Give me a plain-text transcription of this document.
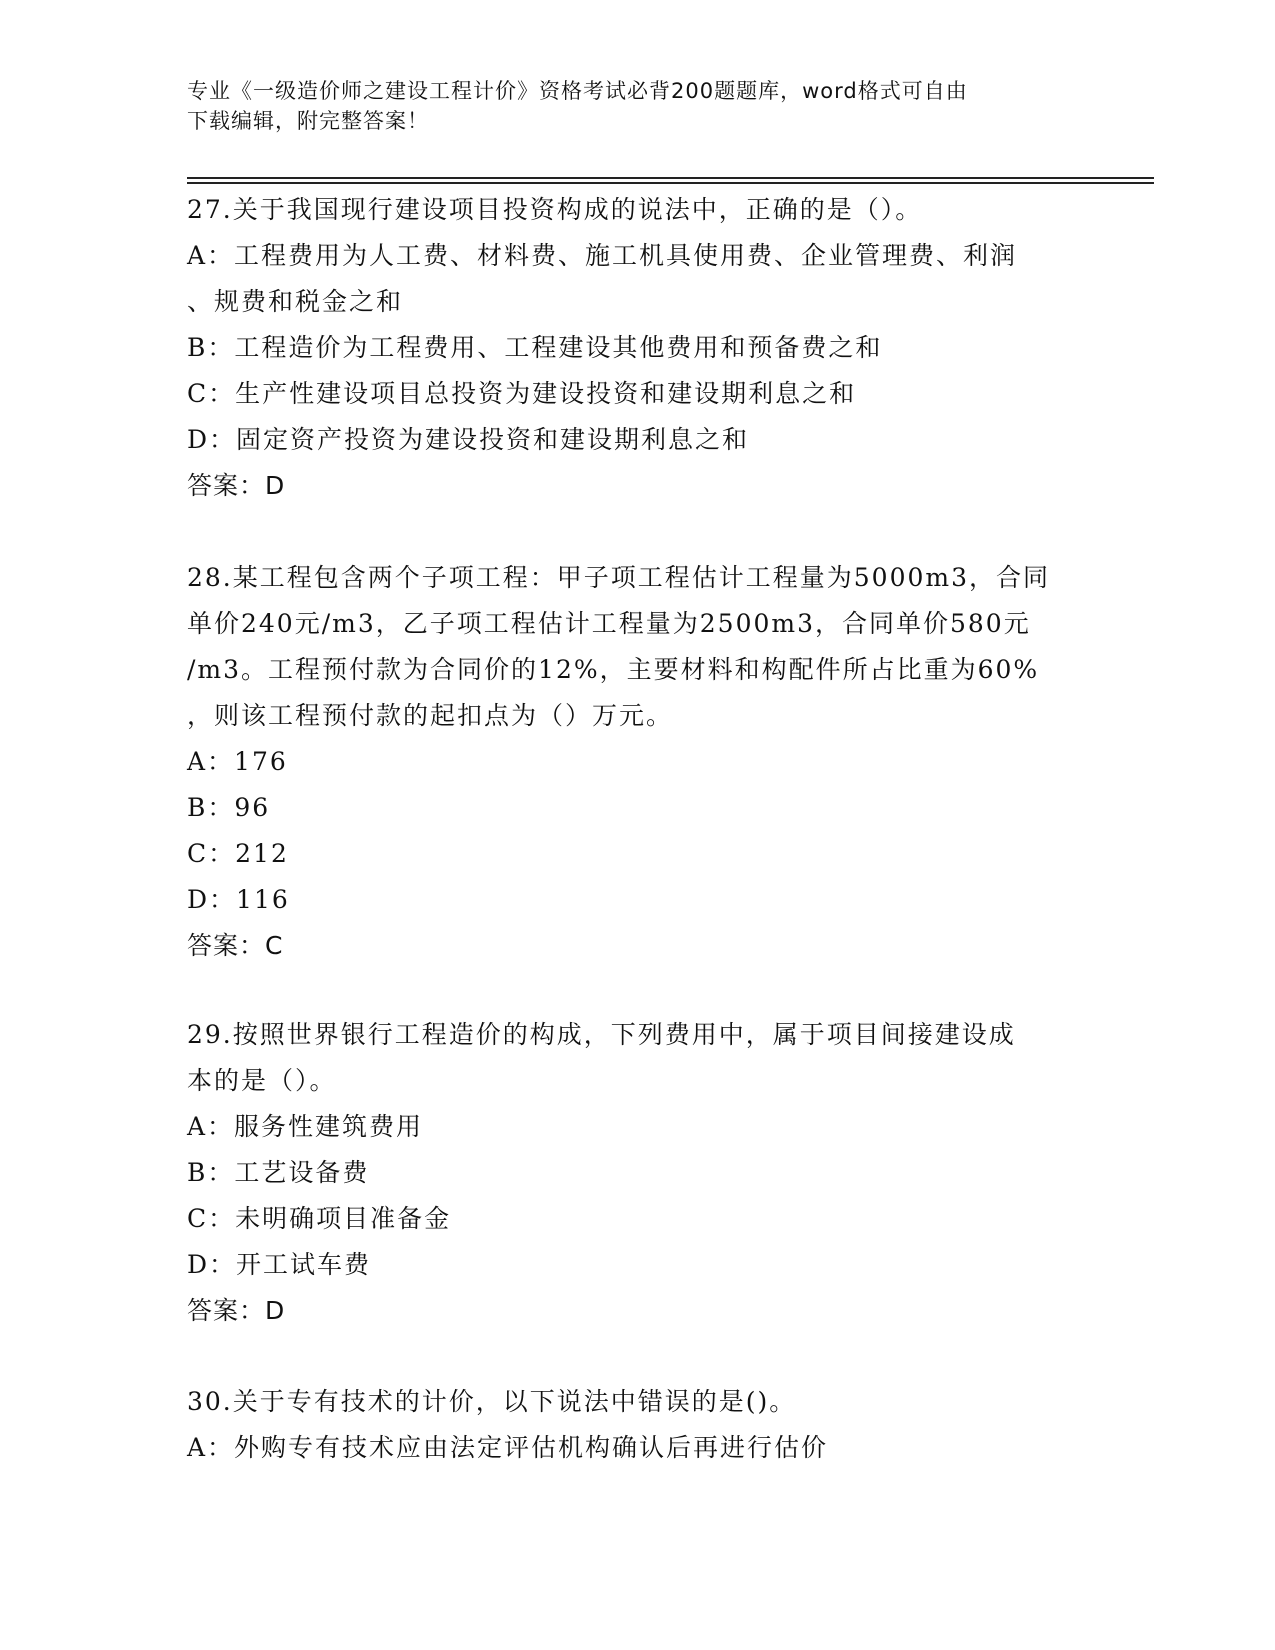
专业《一级造价师之建设工程计价》资格考试必背200题题库，word格式可自由
下载编辑，附完整答案！
27.关于我国现行建设项目投资构成的说法中，正确的是（）。
A：工程费用为人工费、材料费、施工机具使用费、企业管理费、利润
、规费和税金之和
B：工程造价为工程费用、工程建设其他费用和预备费之和
C：生产性建设项目总投资为建设投资和建设期利息之和
D：固定资产投资为建设投资和建设期利息之和
答案：D
28.某工程包含两个子项工程：甲子项工程估计工程量为5000m3，合同
单价240元/m3，乙子项工程估计工程量为2500m3，合同单价580元
/m3。工程预付款为合同价的12%，主要材料和构配件所占比重为60%
，则该工程预付款的起扣点为（）万元。
A：176
B：96
C：212
D：116
答案：C
29.按照世界银行工程造价的构成，下列费用中，属于项目间接建设成
本的是（）。
A：服务性建筑费用
B：工艺设备费
C：未明确项目准备金
D：开工试车费
答案：D
30.关于专有技术的计价，以下说法中错误的是()。
A：外购专有技术应由法定评估机构确认后再进行估价
